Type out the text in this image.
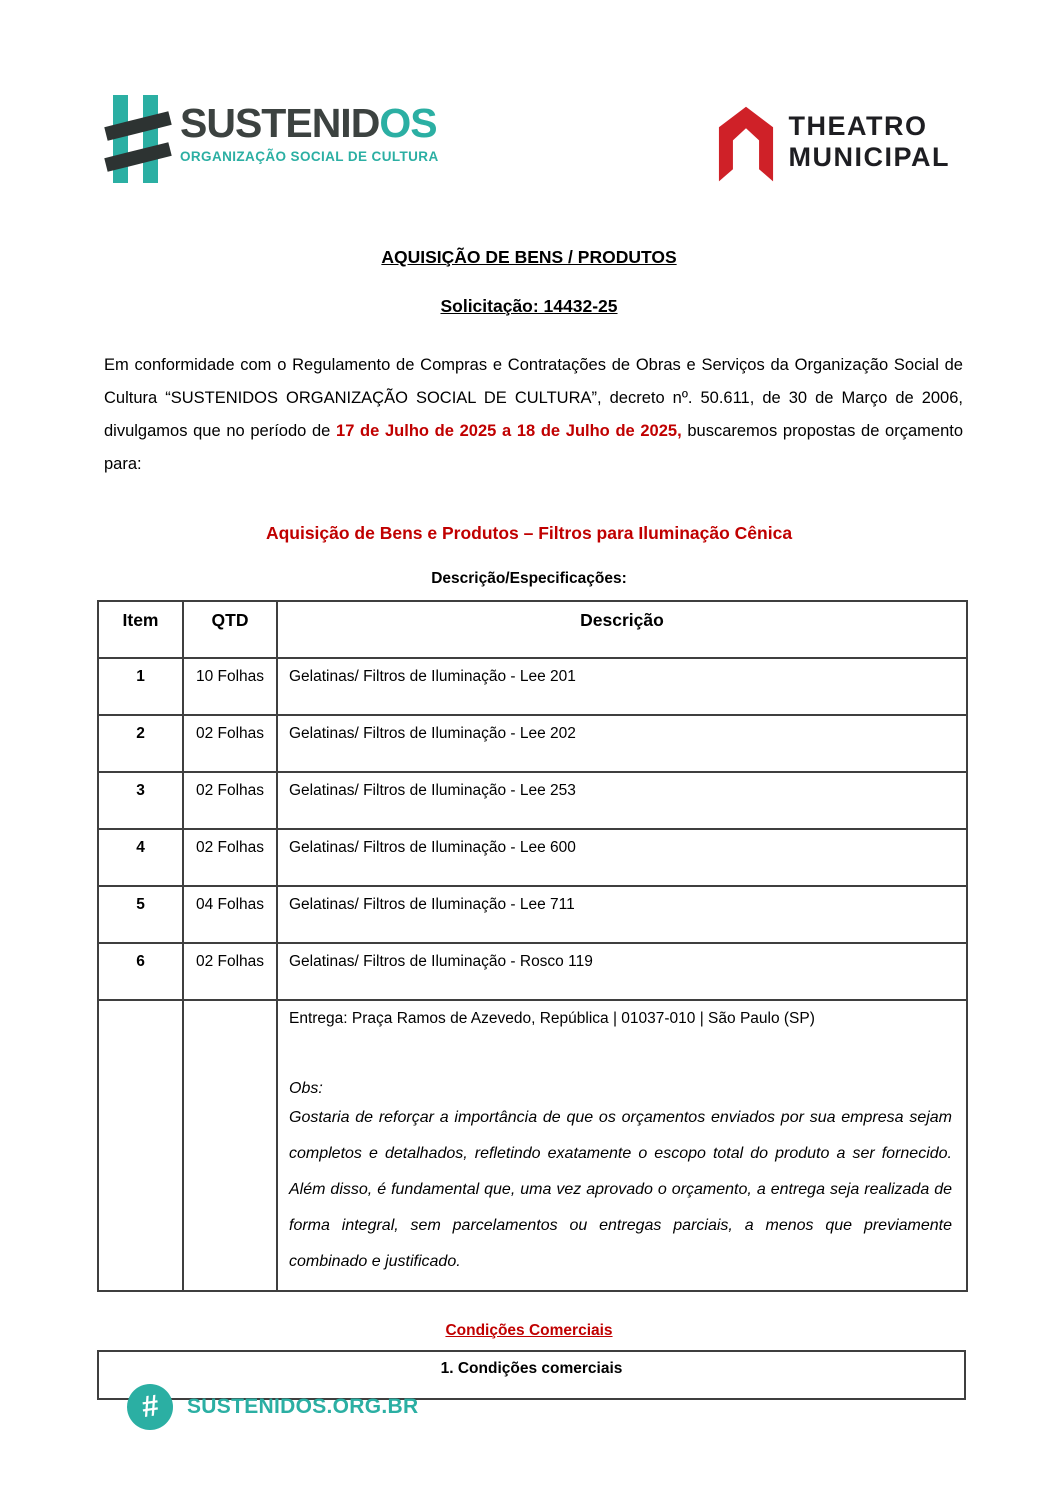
SUSTENIDOS
ORGANIZAÇÃO SOCIAL DE CULTURA
THEATRO
MUNICIPAL
AQUISIÇÃO DE BENS / PRODUTOS
Solicitação: 14432-25

Em conformidade com o Regulamento de Compras e Contratações de Obras e Serviços da Organização Social de Cultura “SUSTENIDOS ORGANIZAÇÃO SOCIAL DE CULTURA”, decreto nº. 50.611, de 30 de Março de 2006, divulgamos que no período de 17 de Julho de 2025 a 18 de Julho de 2025, buscaremos propostas de orçamento para:

Aquisição de Bens e Produtos – Filtros para Iluminação Cênica
Descrição/Especificações:
Item	QTD	Descrição
1	10 Folhas	Gelatinas/ Filtros de Iluminação - Lee 201
2	02 Folhas	Gelatinas/ Filtros de Iluminação - Lee 202
3	02 Folhas	Gelatinas/ Filtros de Iluminação - Lee 253
4	02 Folhas	Gelatinas/ Filtros de Iluminação - Lee 600
5	04 Folhas	Gelatinas/ Filtros de Iluminação - Lee 711
6	02 Folhas	Gelatinas/ Filtros de Iluminação - Rosco 119

		Entrega: Praça Ramos de Azevedo, República | 01037-010 | São Paulo (SP)
Obs:
Gostaria de reforçar a importância de que os orçamentos enviados por sua empresa sejam completos e detalhados, refletindo exatamente o escopo total do produto a ser fornecido. Além disso, é fundamental que, uma vez aprovado o orçamento, a entrega seja realizada de forma integral, sem parcelamentos ou entregas parciais, a menos que previamente combinado e justificado.
Condições Comerciais
1. Condições comerciais
# SUSTENIDOS.ORG.BR
